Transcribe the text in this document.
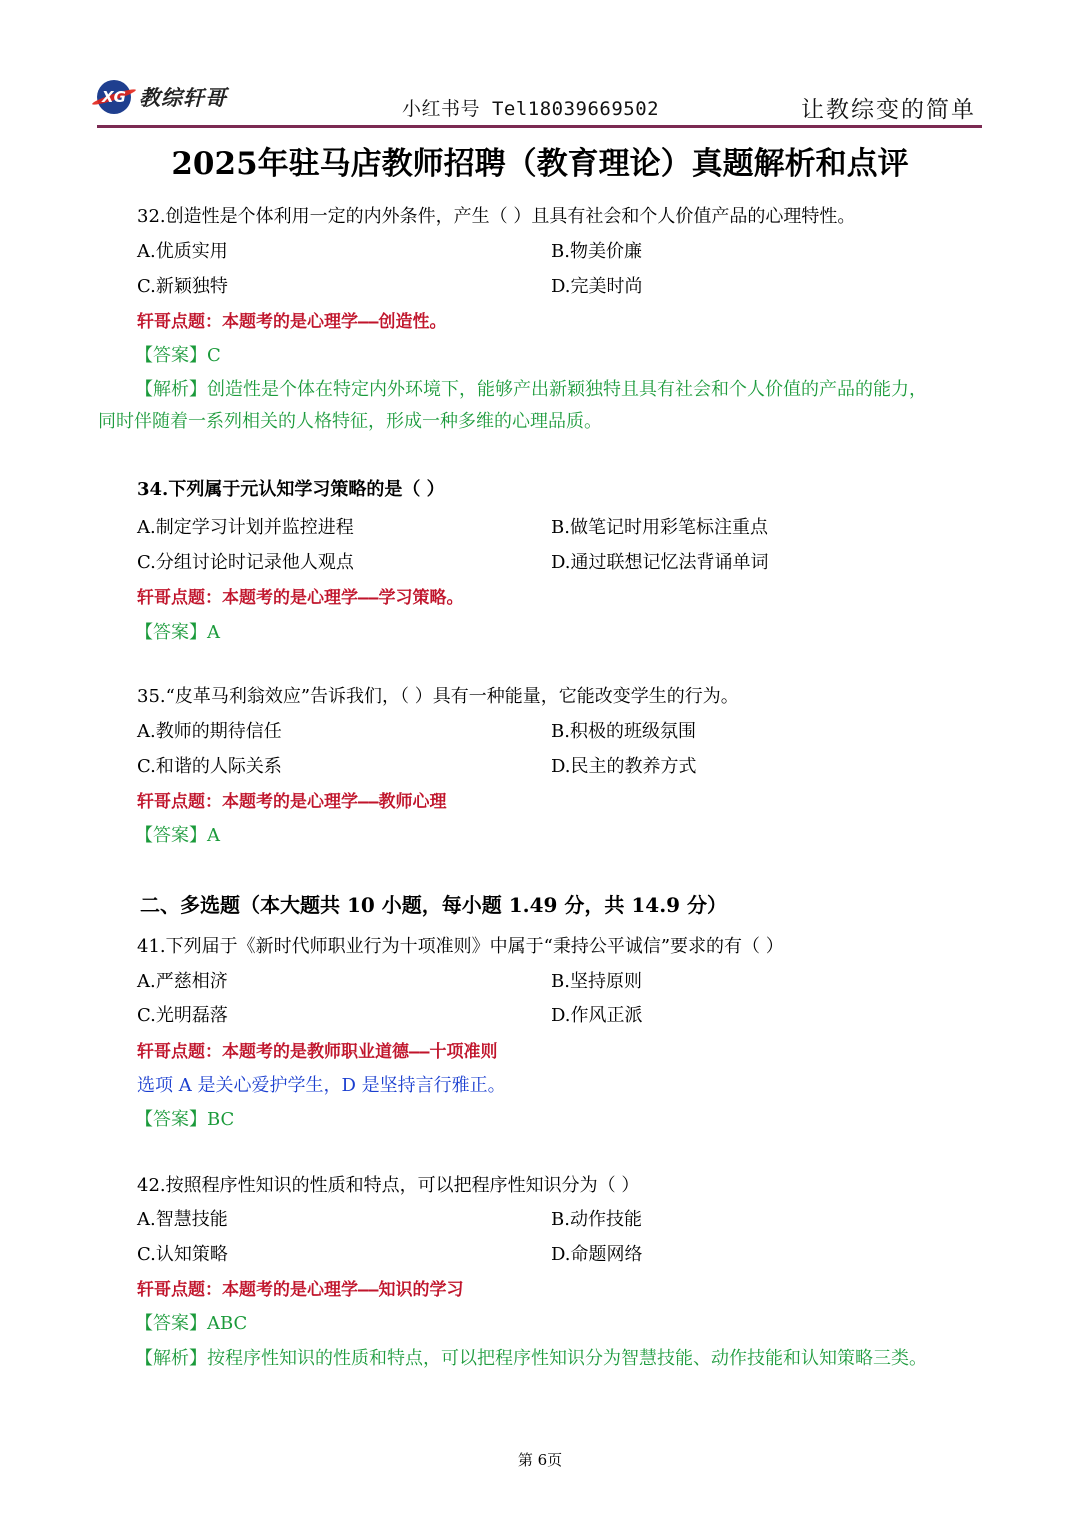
XG 教综轩哥	小红书号 Tel18039669502	让教综变的简单
2025年驻马店教师招聘（教育理论）真题解析和点评
32.创造性是个体利用一定的内外条件，产生（ ）且具有社会和个人价值产品的心理特性。
A.优质实用	B.物美价廉
C.新颖独特	D.完美时尚
轩哥点题：本题考的是心理学——创造性。
【答案】C
【解析】创造性是个体在特定内外环境下，能够产出新颖独特且具有社会和个人价值的产品的能力，
同时伴随着一系列相关的人格特征，形成一种多维的心理品质。
34.下列属于元认知学习策略的是（ ）
A.制定学习计划并监控进程	B.做笔记时用彩笔标注重点
C.分组讨论时记录他人观点	D.通过联想记忆法背诵单词
轩哥点题：本题考的是心理学——学习策略。
【答案】A
35.“皮革马利翁效应”告诉我们，（ ）具有一种能量，它能改变学生的行为。
A.教师的期待信任	B.积极的班级氛围
C.和谐的人际关系	D.民主的教养方式
轩哥点题：本题考的是心理学——教师心理
【答案】A
二、多选题（本大题共 10 小题，每小题 1.49 分，共 14.9 分）
41.下列届于《新时代师职业行为十项准则》中属于“秉持公平诚信”要求的有（ ）
A.严慈相济	B.坚持原则
C.光明磊落	D.作风正派
轩哥点题：本题考的是教师职业道德——十项准则
选项 A 是关心爱护学生，D 是坚持言行雅正。
【答案】BC
42.按照程序性知识的性质和特点，可以把程序性知识分为（ ）
A.智慧技能	B.动作技能
C.认知策略	D.命题网络
轩哥点题：本题考的是心理学——知识的学习
【答案】ABC
【解析】按程序性知识的性质和特点，可以把程序性知识分为智慧技能、动作技能和认知策略三类。
第 6页
